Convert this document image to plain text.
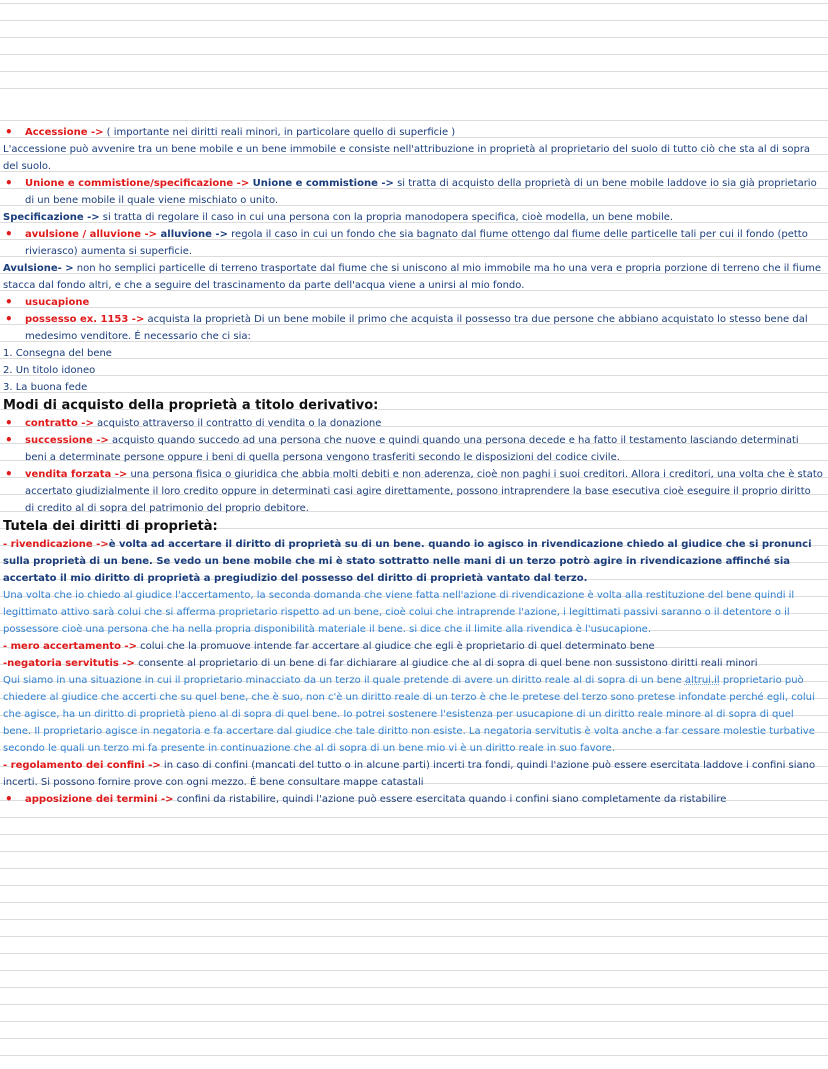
• Accessione -> ( importante nei diritti reali minori, in particolare quello di superficie )

L'accessione può avvenire tra un bene mobile e un bene immobile e consiste nell'attribuzione in proprietà al proprietario del suolo di tutto ciò che sta al di sopra del suolo.

• Unione e commistione/specificazione -> Unione e commistione -> si tratta di acquisto della proprietà di un bene mobile laddove io sia già proprietario di un bene mobile il quale viene mischiato o unito.

Specificazione -> si tratta di regolare il caso in cui una persona con la propria manodopera specifica, cioè modella, un bene mobile.

• avulsione / alluvione -> alluvione -> regola il caso in cui un fondo che sia bagnato dal fiume ottengo dal fiume delle particelle tali per cui il fondo (petto rivierasco) aumenta si superficie.

Avulsione- > non ho semplici particelle di terreno trasportate dal fiume che si uniscono al mio immobile ma ho una vera e propria porzione di terreno che il fiume stacca dal fondo altri, e che a seguire del trascinamento da parte dell'acqua viene a unirsi al mio fondo.

• usucapione

• possesso ex. 1153 -> acquista la proprietà Di un bene mobile il primo che acquista il possesso tra due persone che abbiano acquistato lo stesso bene dal medesimo venditore. É necessario che ci sia:

1. Consegna del bene

2. Un titolo idoneo

3. La buona fede

Modi di acquisto della proprietà a titolo derivativo:

• contratto -> acquisto attraverso il contratto di vendita o la donazione

• successione -> acquisto quando succedo ad una persona che nuove e quindi quando una persona decede e ha fatto il testamento lasciando determinati beni a determinate persone oppure i beni di quella persona vengono trasferiti secondo le disposizioni del codice civile.

• vendita forzata -> una persona fisica o giuridica che abbia molti debiti e non aderenza, cioè non paghi i suoi creditori. Allora i creditori, una volta che è stato accertato giudizialmente il loro credito oppure in determinati casi agire direttamente, possono intraprendere la base esecutiva cioè eseguire il proprio diritto di credito al di sopra del patrimonio del proprio debitore.

Tutela dei diritti di proprietà:

- rivendicazione ->è volta ad accertare il diritto di proprietà su di un bene. quando io agisco in rivendicazione chiedo al giudice che si pronunci sulla proprietà di un bene. Se vedo un bene mobile che mi è stato sottratto nelle mani di un terzo potrò agire in rivendicazione affinché sia accertato il mio diritto di proprietà a pregiudizio del possesso del diritto di proprietà vantato dal terzo.

Una volta che io chiedo al giudice l'accertamento, la seconda domanda che viene fatta nell'azione di rivendicazione è volta alla restituzione del bene quindi il legittimato attivo sarà colui che si afferma proprietario rispetto ad un bene, cioè colui che intraprende l'azione, i legittimati passivi saranno o il detentore o il possessore cioè una persona che ha nella propria disponibilità materiale il bene. si dice che il limite alla rivendica è l'usucapione.

- mero accertamento -> colui che la promuove intende far accertare al giudice che egli è proprietario di quel determinato bene

-negatoria servitutis -> consente al proprietario di un bene di far dichiarare al giudice che al di sopra di quel bene non sussistono diritti reali minori

Qui siamo in una situazione in cui il proprietario minacciato da un terzo il quale pretende di avere un diritto reale al di sopra di un bene altrui.il proprietario può chiedere al giudice che accerti che su quel bene, che è suo, non c'è un diritto reale di un terzo è che le pretese del terzo sono pretese infondate perché egli, colui che agisce, ha un diritto di proprietà pieno al di sopra di quel bene. Io potrei sostenere l'esistenza per usucapione di un diritto reale minore al di sopra di quel bene. Il proprietario agisce in negatoria e fa accertare dal giudice che tale diritto non esiste. La negatoria servitutis è volta anche a far cessare molestie turbative secondo le quali un terzo mi fa presente in continuazione che al di sopra di un bene mio vi è un diritto reale in suo favore.

- regolamento dei confini -> in caso di confini (mancati del tutto o in alcune parti) incerti tra fondi, quindi l'azione può essere esercitata laddove i confini siano incerti. Si possono fornire prove con ogni mezzo. É bene consultare mappe catastali

• apposizione dei termini -> confini da ristabilire, quindi l'azione può essere esercitata quando i confini siano completamente da ristabilire
